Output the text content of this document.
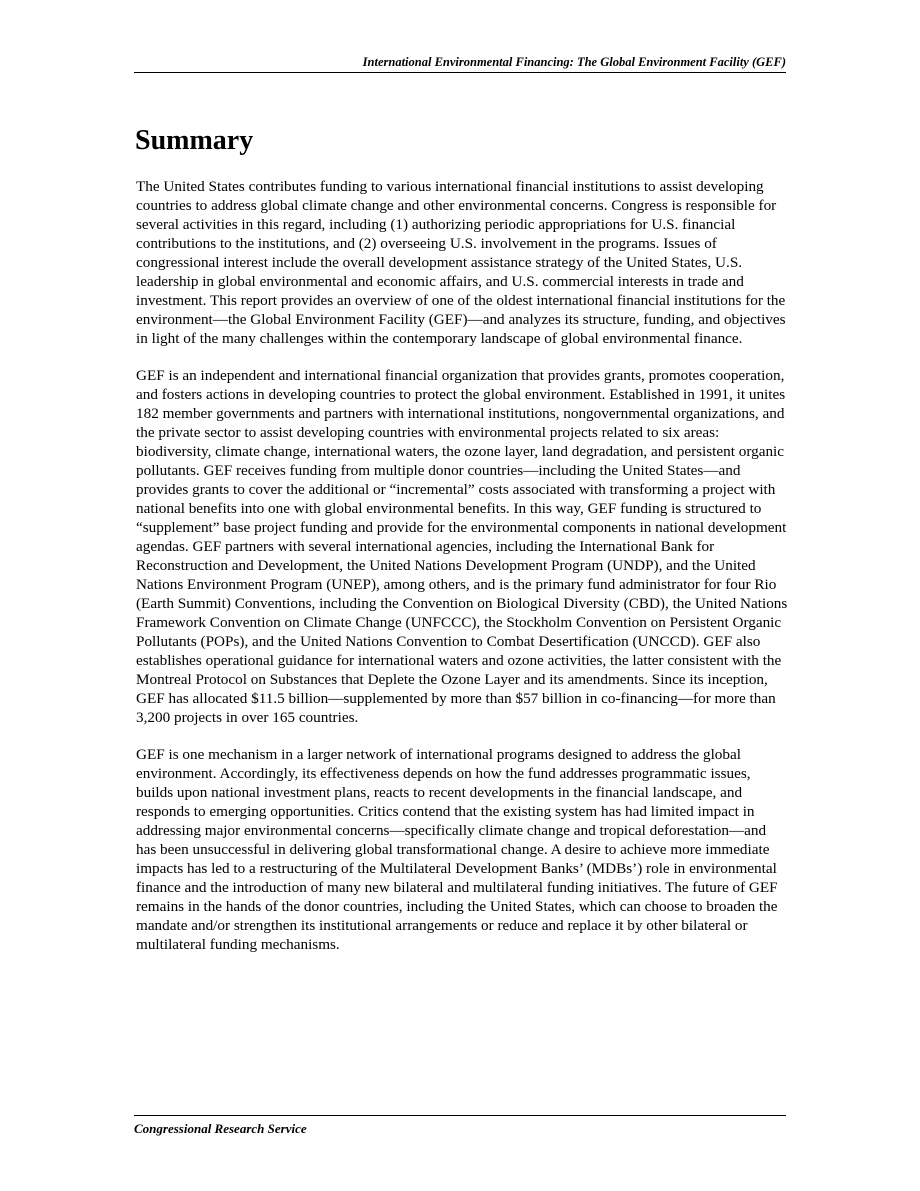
International Environmental Financing: The Global Environment Facility (GEF)
Summary

The United States contributes funding to various international financial institutions to assist developing countries to address global climate change and other environmental concerns. Congress is responsible for several activities in this regard, including (1) authorizing periodic appropriations for U.S. financial contributions to the institutions, and (2) overseeing U.S. involvement in the programs. Issues of congressional interest include the overall development assistance strategy of the United States, U.S. leadership in global environmental and economic affairs, and U.S. commercial interests in trade and investment. This report provides an overview of one of the oldest international financial institutions for the environment—the Global Environment Facility (GEF)—and analyzes its structure, funding, and objectives in light of the many challenges within the contemporary landscape of global environmental finance.

GEF is an independent and international financial organization that provides grants, promotes cooperation, and fosters actions in developing countries to protect the global environment. Established in 1991, it unites 182 member governments and partners with international institutions, nongovernmental organizations, and the private sector to assist developing countries with environmental projects related to six areas: biodiversity, climate change, international waters, the ozone layer, land degradation, and persistent organic pollutants. GEF receives funding from multiple donor countries—including the United States—and provides grants to cover the additional or “incremental” costs associated with transforming a project with national benefits into one with global environmental benefits. In this way, GEF funding is structured to “supplement” base project funding and provide for the environmental components in national development agendas. GEF partners with several international agencies, including the International Bank for Reconstruction and Development, the United Nations Development Program (UNDP), and the United Nations Environment Program (UNEP), among others, and is the primary fund administrator for four Rio (Earth Summit) Conventions, including the Convention on Biological Diversity (CBD), the United Nations Framework Convention on Climate Change (UNFCCC), the Stockholm Convention on Persistent Organic Pollutants (POPs), and the United Nations Convention to Combat Desertification (UNCCD). GEF also establishes operational guidance for international waters and ozone activities, the latter consistent with the Montreal Protocol on Substances that Deplete the Ozone Layer and its amendments. Since its inception, GEF has allocated $11.5 billion—supplemented by more than $57 billion in co-financing—for more than 3,200 projects in over 165 countries.

GEF is one mechanism in a larger network of international programs designed to address the global environment. Accordingly, its effectiveness depends on how the fund addresses programmatic issues, builds upon national investment plans, reacts to recent developments in the financial landscape, and responds to emerging opportunities. Critics contend that the existing system has had limited impact in addressing major environmental concerns—specifically climate change and tropical deforestation—and has been unsuccessful in delivering global transformational change. A desire to achieve more immediate impacts has led to a restructuring of the Multilateral Development Banks’ (MDBs’) role in environmental finance and the introduction of many new bilateral and multilateral funding initiatives. The future of GEF remains in the hands of the donor countries, including the United States, which can choose to broaden the mandate and/or strengthen its institutional arrangements or reduce and replace it by other bilateral or multilateral funding mechanisms.

Congressional Research Service
